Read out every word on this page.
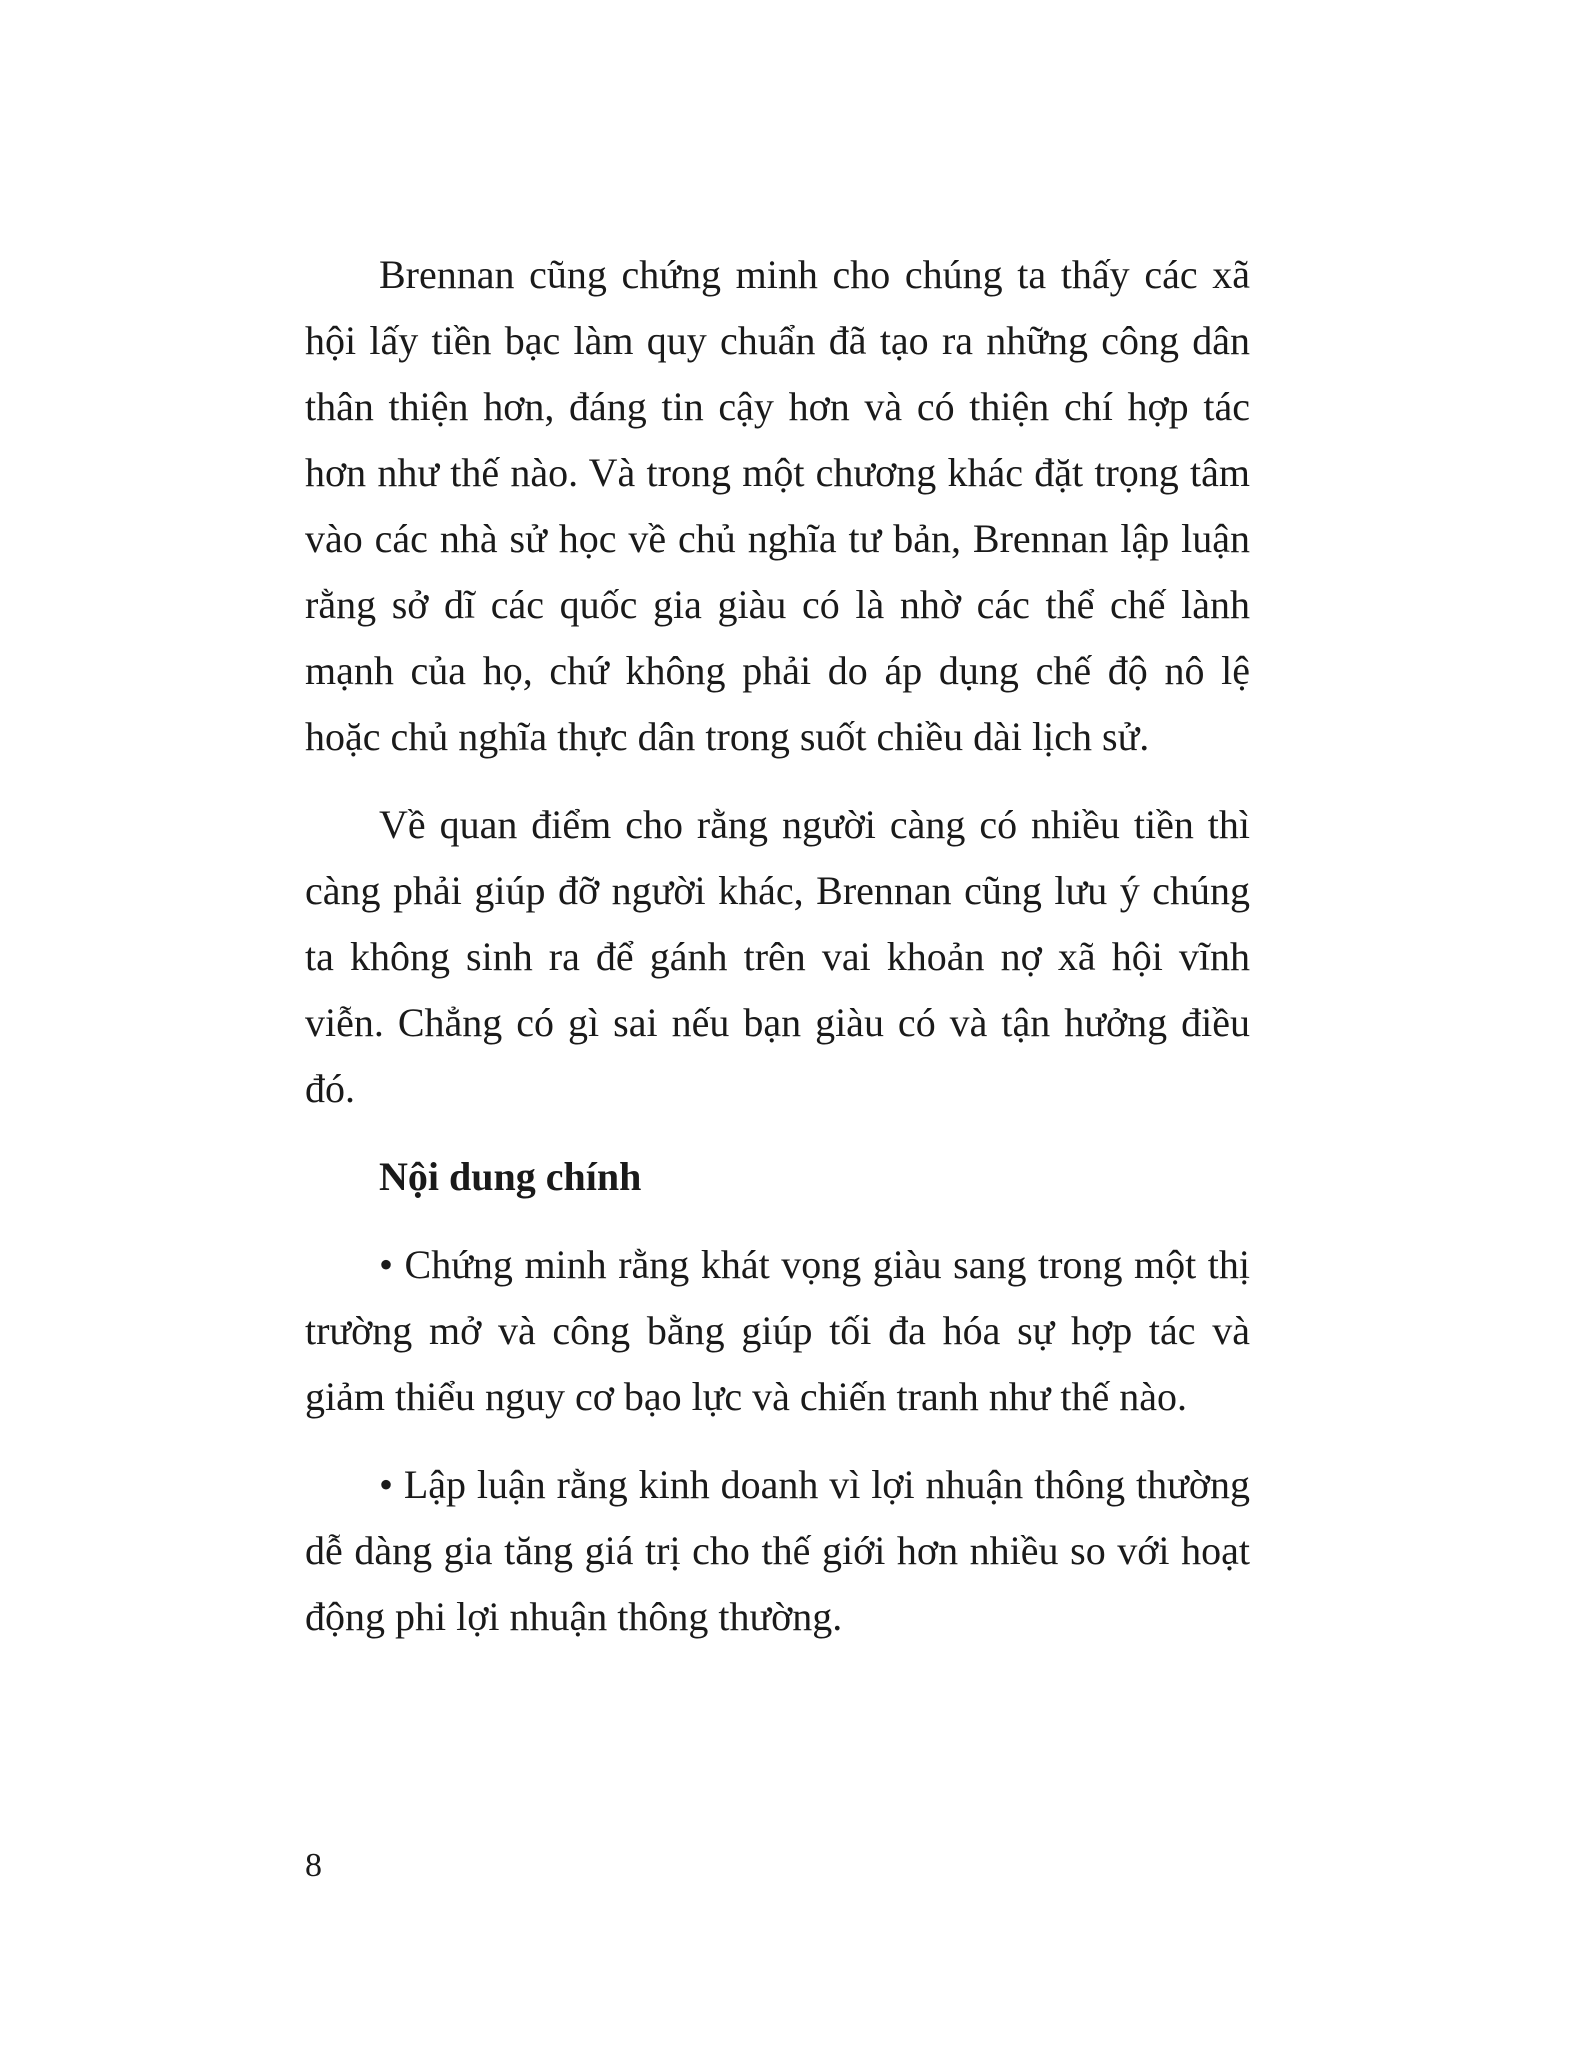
Brennan cũng chứng minh cho chúng ta thấy các xã hội lấy tiền bạc làm quy chuẩn đã tạo ra những công dân thân thiện hơn, đáng tin cậy hơn và có thiện chí hợp tác hơn như thế nào. Và trong một chương khác đặt trọng tâm vào các nhà sử học về chủ nghĩa tư bản, Brennan lập luận rằng sở dĩ các quốc gia giàu có là nhờ các thể chế lành mạnh của họ, chứ không phải do áp dụng chế độ nô lệ hoặc chủ nghĩa thực dân trong suốt chiều dài lịch sử.

Về quan điểm cho rằng người càng có nhiều tiền thì càng phải giúp đỡ người khác, Brennan cũng lưu ý chúng ta không sinh ra để gánh trên vai khoản nợ xã hội vĩnh viễn. Chẳng có gì sai nếu bạn giàu có và tận hưởng điều đó.

Nội dung chính

• Chứng minh rằng khát vọng giàu sang trong một thị trường mở và công bằng giúp tối đa hóa sự hợp tác và giảm thiểu nguy cơ bạo lực và chiến tranh như thế nào.

• Lập luận rằng kinh doanh vì lợi nhuận thông thường dễ dàng gia tăng giá trị cho thế giới hơn nhiều so với hoạt động phi lợi nhuận thông thường.

8
